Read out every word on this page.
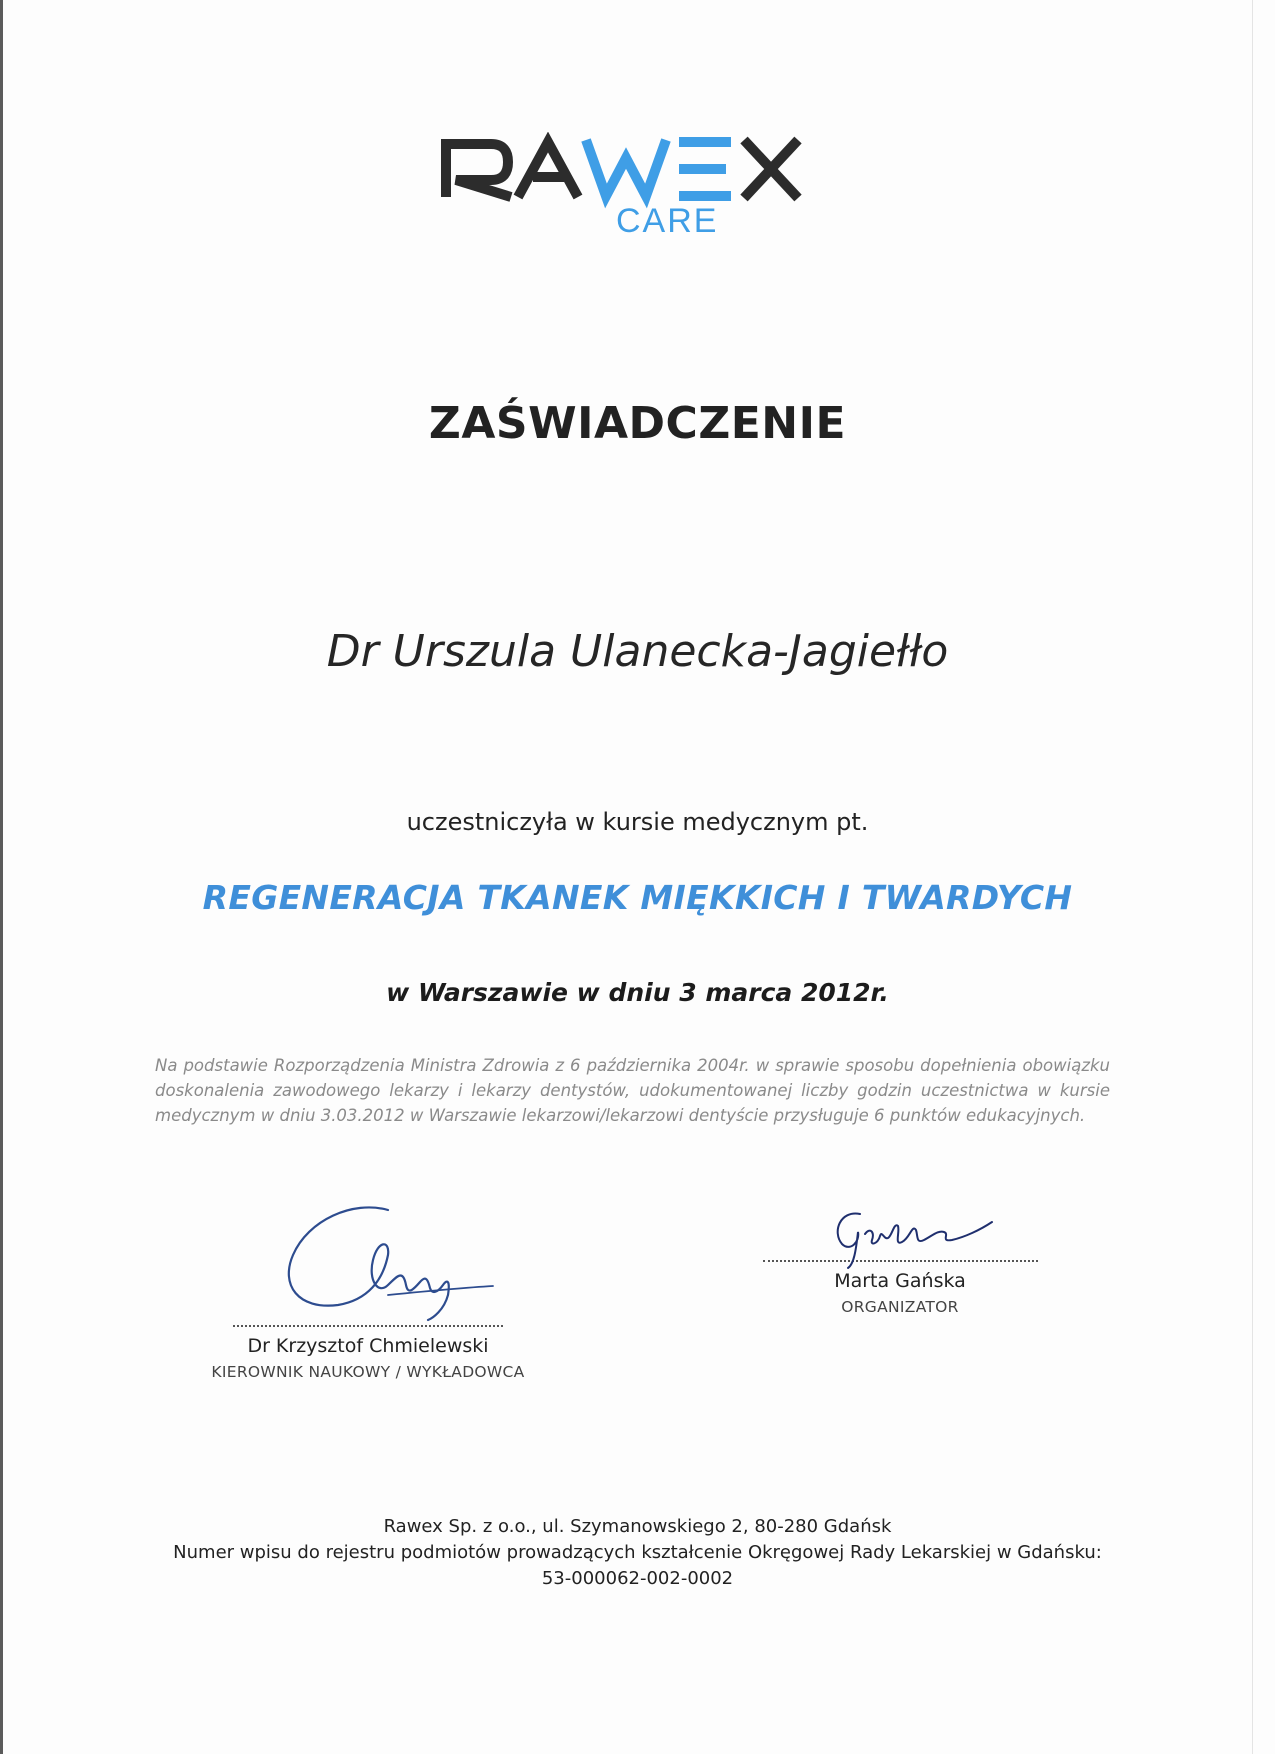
CARE
ZAŚWIADCZENIE
Dr Urszula Ulanecka-Jagiełło
uczestniczyła w kursie medycznym pt.
REGENERACJA TKANEK MIĘKKICH I TWARDYCH
w Warszawie w dniu 3 marca 2012r.
Na podstawie Rozporządzenia Ministra Zdrowia z 6 października 2004r. w sprawie sposobu dopełnienia obowiązku doskonalenia zawodowego lekarzy i lekarzy dentystów, udokumentowanej liczby godzin uczestnictwa w kursie medycznym w dniu 3.03.2012 w Warszawie lekarzowi/lekarzowi dentyście przysługuje 6 punktów edukacyjnych.
Dr Krzysztof Chmielewski
KIEROWNIK NAUKOWY / WYKŁADOWCA
Marta Gańska
ORGANIZATOR
Rawex Sp. z o.o., ul. Szymanowskiego 2, 80-280 Gdańsk
Numer wpisu do rejestru podmiotów prowadzących kształcenie Okręgowej Rady Lekarskiej w Gdańsku:
53-000062-002-0002
